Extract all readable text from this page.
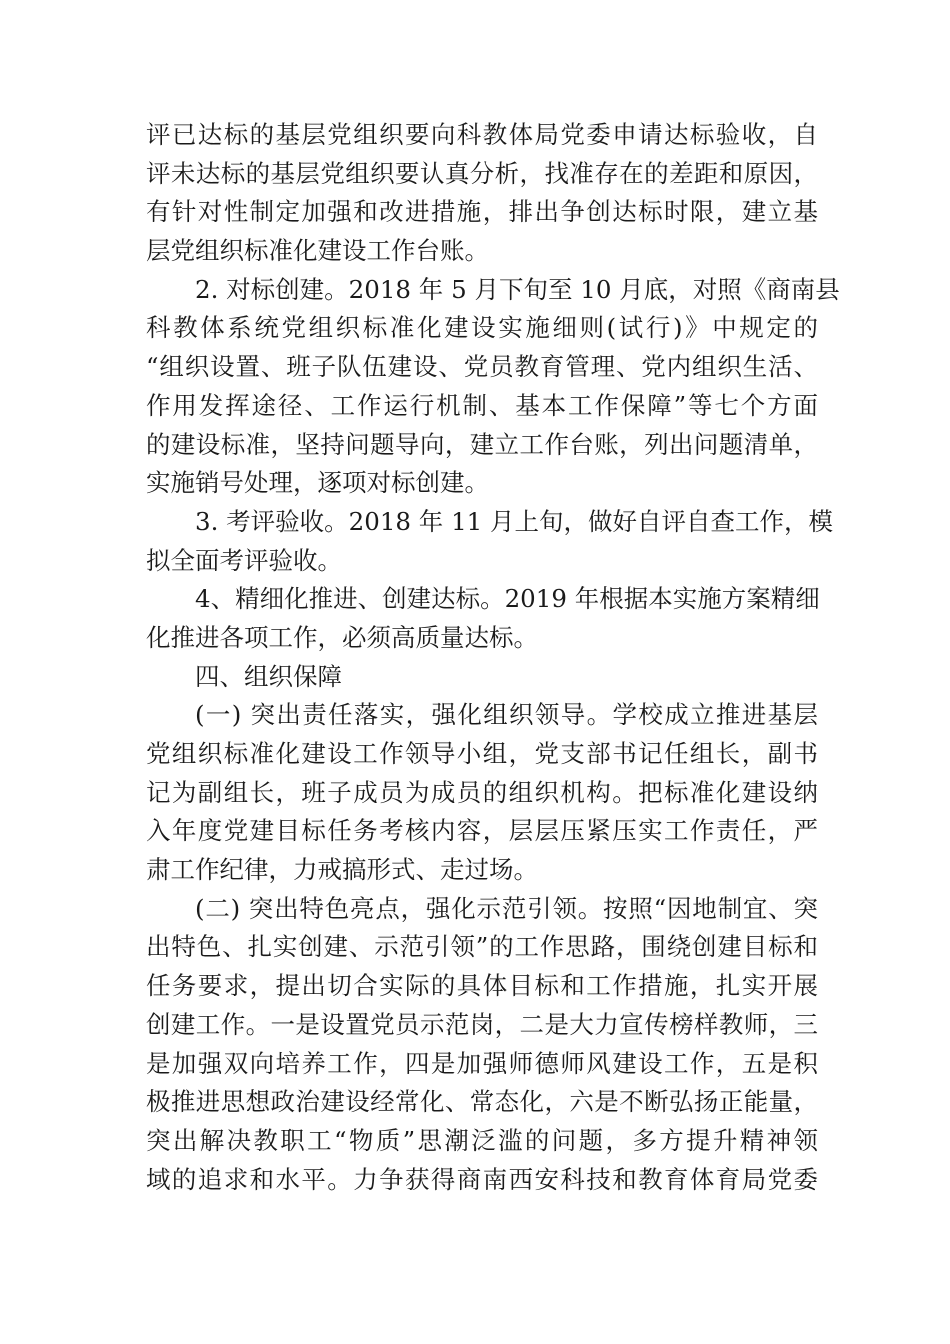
评已达标的基层党组织要向科教体局党委申请达标验收，自
评未达标的基层党组织要认真分析，找准存在的差距和原因，
有针对性制定加强和改进措施，排出争创达标时限，建立基
层党组织标准化建设工作台账。
2. 对标创建。2018 年 5 月下旬至 10 月底，对照《商南县
科教体系统党组织标准化建设实施细则(试行)》中规定的
“组织设置、班子队伍建设、党员教育管理、党内组织生活、
作用发挥途径、工作运行机制、基本工作保障”等七个方面
的建设标准，坚持问题导向，建立工作台账，列出问题清单，
实施销号处理，逐项对标创建。
3. 考评验收。2018 年 11 月上旬，做好自评自查工作，模
拟全面考评验收。
4、精细化推进、创建达标。2019 年根据本实施方案精细
化推进各项工作，必须高质量达标。
四、组织保障
(一) 突出责任落实，强化组织领导。学校成立推进基层
党组织标准化建设工作领导小组，党支部书记任组长，副书
记为副组长，班子成员为成员的组织机构。把标准化建设纳
入年度党建目标任务考核内容，层层压紧压实工作责任，严
肃工作纪律，力戒搞形式、走过场。
(二) 突出特色亮点，强化示范引领。按照“因地制宜、突
出特色、扎实创建、示范引领”的工作思路，围绕创建目标和
任务要求，提出切合实际的具体目标和工作措施，扎实开展
创建工作。一是设置党员示范岗，二是大力宣传榜样教师，三
是加强双向培养工作，四是加强师德师风建设工作，五是积
极推进思想政治建设经常化、常态化，六是不断弘扬正能量，
突出解决教职工“物质”思潮泛滥的问题，多方提升精神领
域的追求和水平。力争获得商南西安科技和教育体育局党委
